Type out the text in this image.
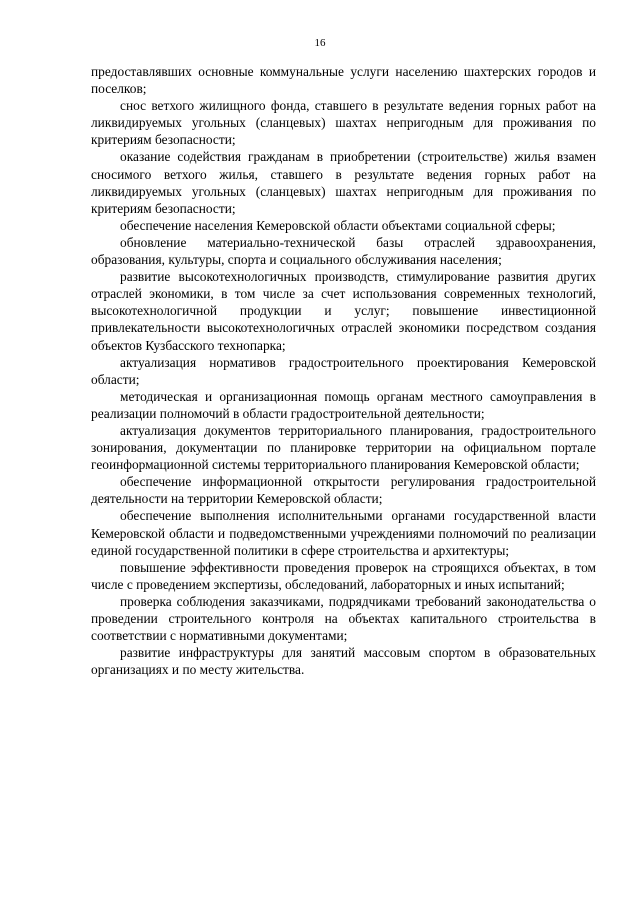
16

предоставлявших основные коммунальные услуги населению шахтерских городов и поселков;

снос ветхого жилищного фонда, ставшего в результате ведения горных работ на ликвидируемых угольных (сланцевых) шахтах непригодным для проживания по критериям безопасности;

оказание содействия гражданам в приобретении (строительстве) жилья взамен сносимого ветхого жилья, ставшего в результате ведения горных работ на ликвидируемых угольных (сланцевых) шахтах непригодным для проживания по критериям безопасности;

обеспечение населения Кемеровской области объектами социальной сферы;

обновление материально-технической базы отраслей здравоохранения, образования, культуры, спорта и социального обслуживания населения;

развитие высокотехнологичных производств, стимулирование развития других отраслей экономики, в том числе за счет использования современных технологий, высокотехнологичной продукции и услуг; повышение инвестиционной привлекательности высокотехнологичных отраслей экономики посредством создания объектов Кузбасского технопарка;

актуализация нормативов градостроительного проектирования Кемеровской области;

методическая и организационная помощь органам местного самоуправления в реализации полномочий в области градостроительной деятельности;

актуализация документов территориального планирования, градостроительного зонирования, документации по планировке территории на официальном портале геоинформационной системы территориального планирования Кемеровской области;

обеспечение информационной открытости регулирования градостроительной деятельности на территории Кемеровской области;

обеспечение выполнения исполнительными органами государственной власти Кемеровской области и подведомственными учреждениями полномочий по реализации единой государственной политики в сфере строительства и архитектуры;

повышение эффективности проведения проверок на строящихся объектах, в том числе с проведением экспертизы, обследований, лабораторных и иных испытаний;

проверка соблюдения заказчиками, подрядчиками требований законодательства о проведении строительного контроля на объектах капитального строительства в соответствии с нормативными документами;

развитие инфраструктуры для занятий массовым спортом в образовательных организациях и по месту жительства.
